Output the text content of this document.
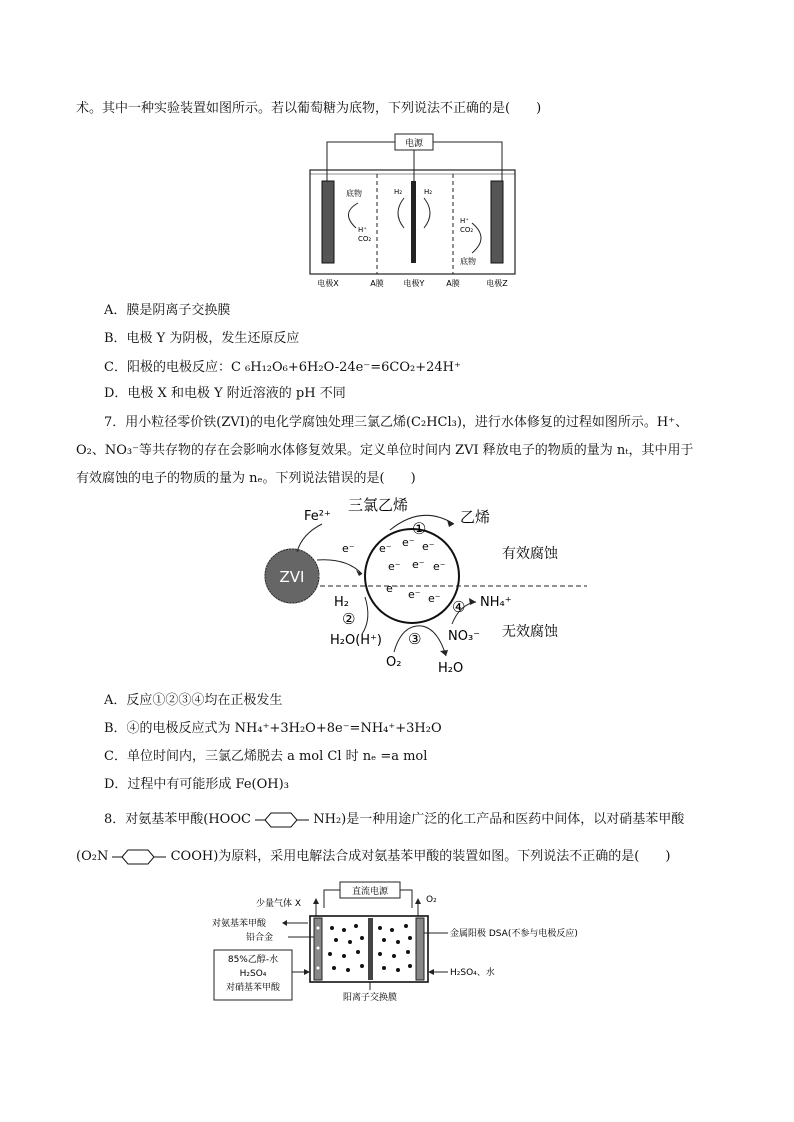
术。其中一种实验装置如图所示。若以葡萄糖为底物，下列说法不正确的是(　　)
电源
底物
H⁺
CO₂
H₂	H₂
H⁺
CO₂
底物
电极X	A膜 电极Y	A膜	电极Z
A．膜是阴离子交换膜
B．电极 Y 为阴极，发生还原反应
C．阳极的电极反应：C ₆H₁₂O₆+6H₂O-24e⁻=6CO₂+24H⁺
D．电极 X 和电极 Y 附近溶液的 pH 不同
7．用小粒径零价铁(ZVI)的电化学腐蚀处理三氯乙烯(C₂HCl₃)，进行水体修复的过程如图所示。H⁺、
O₂、NO₃⁻等共存物的存在会影响水体修复效果。定义单位时间内 ZVI 释放电子的物质的量为 nₜ，其中用于
有效腐蚀的电子的物质的量为 nₑ。下列说法错误的是(　　)
ZVI
e⁻ e⁻ e⁻
e⁻ e⁻ e⁻
e⁻ e⁻ e⁻
e⁻
Fe²⁺
三氯乙烯
①
乙烯
有效腐蚀
无效腐蚀
H₂
②
H₂O(H⁺) ③
O₂	H₂O
④ NH₄⁺
NO₃⁻
A．反应①②③④均在正极发生
B．④的电极反应式为 NH₄⁺+3H₂O+8e⁻=NH₄⁺+3H₂O
C．单位时间内，三氯乙烯脱去 a mol Cl 时 nₑ =a mol
D．过程中有可能形成 Fe(OH)₃
8．对氨基苯甲酸(HOOC	NH₂)是一种用途广泛的化工产品和医药中间体，以对硝基苯甲酸
(O₂N	COOH)为原料，采用电解法合成对氨基苯甲酸的装置如图。下列说法不正确的是(　　)
直流电源
少量气体 X	O₂
对氨基苯甲酸
铅合金
85%乙醇-水
H₂SO₄
对硝基苯甲酸
金属阳极 DSA(不参与电极反应)
H₂SO₄、水
阳离子交换膜
